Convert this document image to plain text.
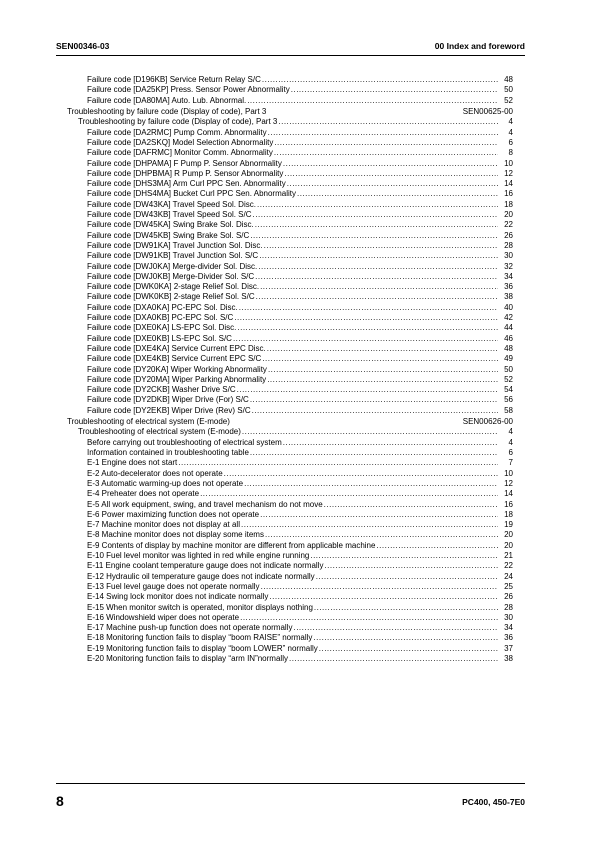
SEN00346-03	00 Index and foreword
Failure code [D196KB] Service Return Relay S/C .....	48
Failure code [DA25KP] Press. Sensor Power Abnormality .....	50
Failure code [DA80MA] Auto. Lub. Abnormal. .....	52
Troubleshooting by failure code (Display of code), Part 3	SEN00625-00
Troubleshooting by failure code (Display of code), Part 3 .....	4
Failure code [DA2RMC] Pump Comm. Abnormality .....	4
Failure code [DA2SKQ] Model Selection Abnormality .....	6
Failure code [DAFRMC] Monitor Comm. Abnormality .....	8
Failure code [DHPAMA] F Pump P. Sensor Abnormality .....	10
Failure code [DHPBMA] R Pump P. Sensor Abnormality .....	12
Failure code [DHS3MA] Arm Curl PPC Sen. Abnormality .....	14
Failure code [DHS4MA] Bucket Curl PPC Sen. Abnormality .....	16
Failure code [DW43KA] Travel Speed Sol. Disc. .....	18
Failure code [DW43KB] Travel Speed Sol. S/C .....	20
Failure code [DW45KA] Swing Brake Sol. Disc. .....	22
Failure code [DW45KB] Swing Brake Sol. S/C .....	26
Failure code [DW91KA] Travel Junction Sol. Disc. .....	28
Failure code [DW91KB] Travel Junction Sol. S/C .....	30
Failure code [DWJ0KA] Merge-divider Sol. Disc. .....	32
Failure code [DWJ0KB] Merge-Divider Sol. S/C .....	34
Failure code [DWK0KA] 2-stage Relief Sol. Disc. .....	36
Failure code [DWK0KB] 2-stage Relief Sol. S/C .....	38
Failure code [DXA0KA] PC-EPC Sol. Disc. .....	40
Failure code [DXA0KB] PC-EPC Sol. S/C .....	42
Failure code [DXE0KA] LS-EPC Sol. Disc. .....	44
Failure code [DXE0KB] LS-EPC Sol. S/C .....	46
Failure code [DXE4KA] Service Current EPC Disc. .....	48
Failure code [DXE4KB] Service Current EPC S/C .....	49
Failure code [DY20KA] Wiper Working Abnormality .....	50
Failure code [DY20MA] Wiper Parking Abnormality .....	52
Failure code [DY2CKB] Washer Drive S/C .....	54
Failure code [DY2DKB] Wiper Drive (For) S/C .....	56
Failure code [DY2EKB] Wiper Drive (Rev) S/C .....	58
Troubleshooting of electrical system (E-mode)	SEN00626-00
Troubleshooting of electrical system (E-mode) .....	4
Before carrying out troubleshooting of electrical system .....	4
Information contained in troubleshooting table .....	6
E-1 Engine does not start .....	7
E-2 Auto-decelerator does not operate .....	10
E-3 Automatic warming-up does not operate .....	12
E-4 Preheater does not operate .....	14
E-5 All work equipment, swing, and travel mechanism do not move .....	16
E-6 Power maximizing function does not operate .....	18
E-7 Machine monitor does not display at all .....	19
E-8 Machine monitor does not display some items .....	20
E-9 Contents of display by machine monitor are different from applicable machine .....	20
E-10 Fuel level monitor was lighted in red while engine running .....	21
E-11 Engine coolant temperature gauge does not indicate normally .....	22
E-12 Hydraulic oil temperature gauge does not indicate normally .....	24
E-13 Fuel level gauge does not operate normally .....	25
E-14 Swing lock monitor does not indicate normally .....	26
E-15 When monitor switch is operated, monitor displays nothing .....	28
E-16 Windowshield wiper does not operate .....	30
E-17 Machine push-up function does not operate normally .....	34
E-18 Monitoring function fails to display “boom RAISE” normally .....	36
E-19 Monitoring function fails to display “boom LOWER” normally .....	37
E-20 Monitoring function fails to display “arm IN”normally .....	38
8	PC400, 450-7E0
